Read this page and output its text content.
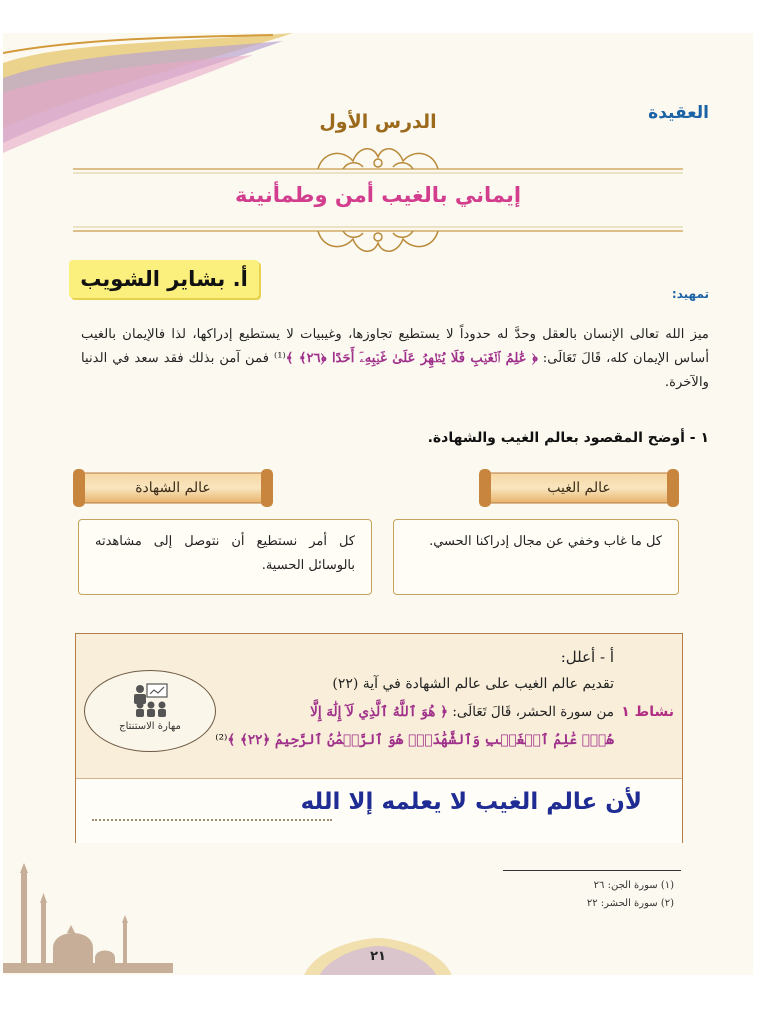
العقيدة
الدرس الأول
إيماني بالغيب أمن وطمأنينة
أ. بشاير الشويب
تمهيد:
ميز الله تعالى الإنسان بالعقل وحدَّ له حدوداً لا يستطيع تجاوزها، وغيبيات لا يستطيع إدراكها، لذا فالإيمان بالغيب أساس الإيمان كله، قَالَ تَعَالَى: ﴿ عَٰلِمُ ٱلۡغَيۡبِ فَلَا يُظۡهِرُ عَلَىٰ غَيۡبِهِۦٓ أَحَدًا ﴿٢٦﴾ ﴾⁽¹⁾ فمن آمن بذلك فقد سعد في الدنيا والآخرة.
١ - أوضح المقصود بعالم الغيب والشهادة.
عالم الغيب
عالم الشهادة
كل ما غاب وخفي عن مجال إدراكنا الحسي.
كل أمر نستطيع أن نتوصل إلى مشاهدته بالوسائل الحسية.
نشاط ١
أ - أعلل:
تقديم عالم الغيب على عالم الشهادة في آية (٢٢)
من سورة الحشر، قَالَ تَعَالَى: ﴿ هُوَ ٱللَّهُ ٱلَّذِي لَآ إِلَٰهَ إِلَّا
هُوَۖ عَٰلِمُ ٱلۡغَيۡبِ وَٱلشَّهَٰدَةِۖ هُوَ ٱلرَّحۡمَٰنُ ٱلرَّحِيمُ ﴿٢٢﴾ ﴾⁽²⁾
مهارة الاستنتاج
لأن عالم الغيب لا يعلمه إلا الله
(١) سورة الجن: ٢٦
(٢) سورة الحشر: ٢٢
٢١
